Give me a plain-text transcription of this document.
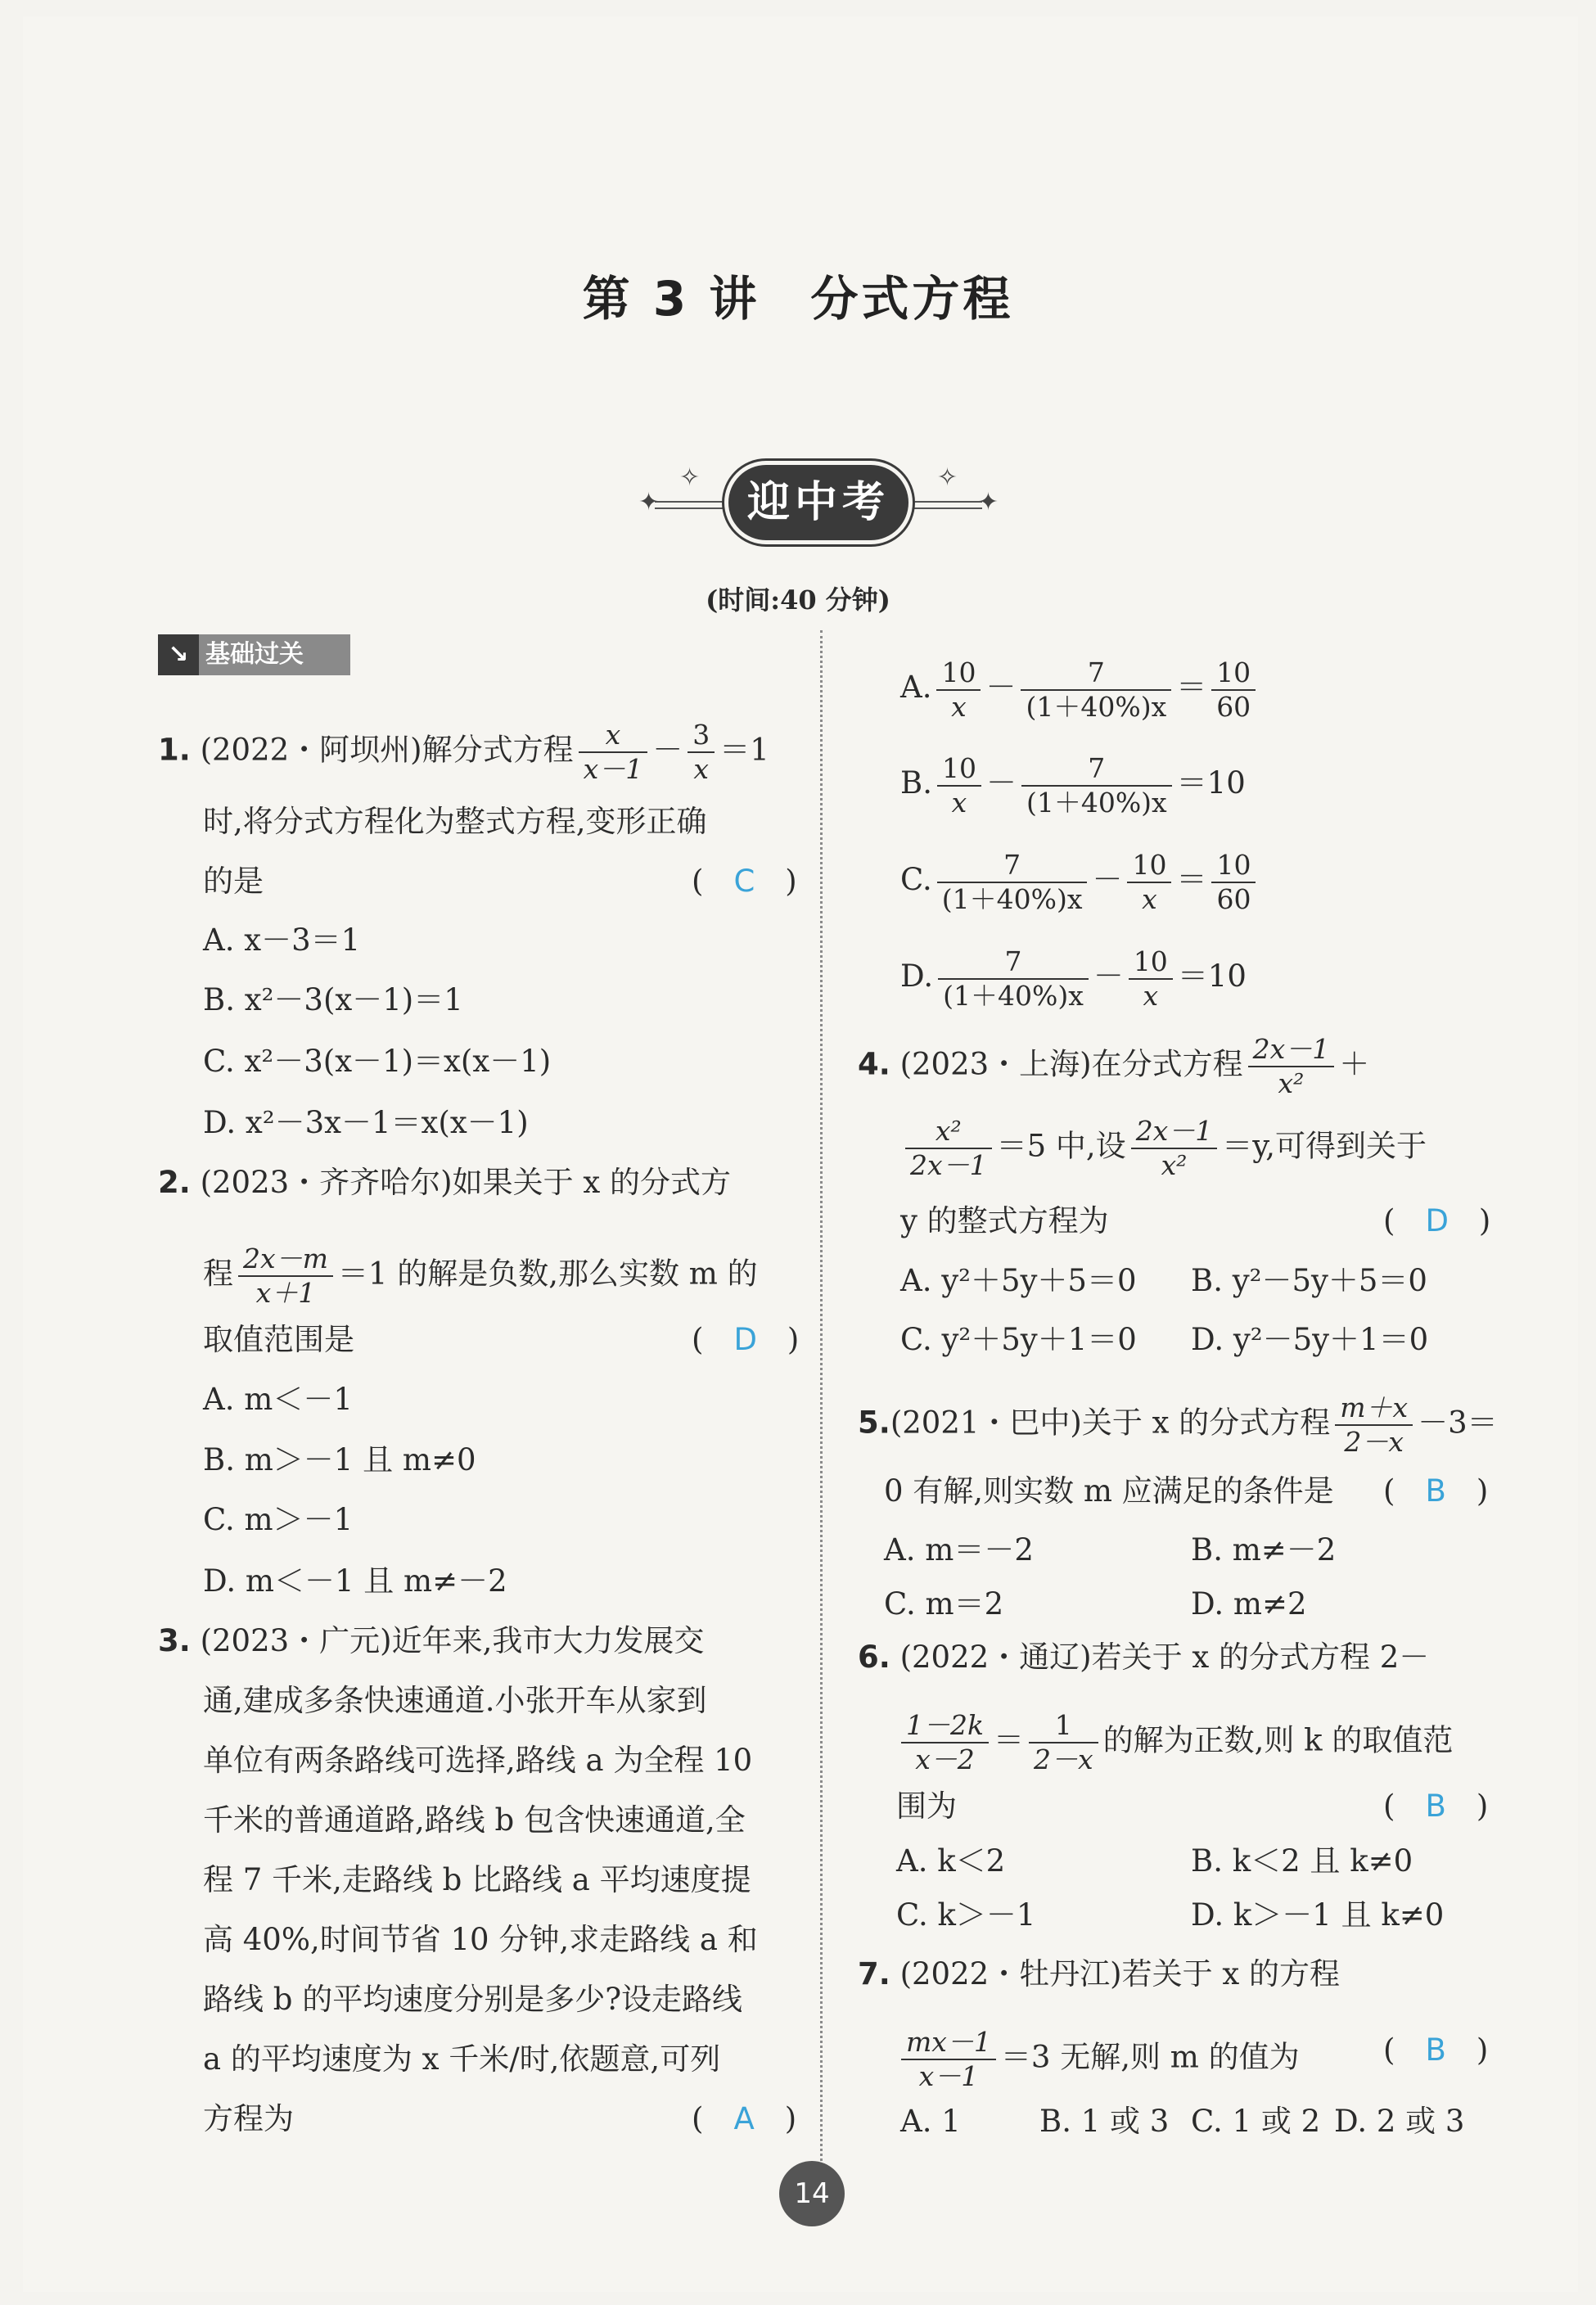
第 3 讲　分式方程
✦
✧
✦
✧
迎中考
(时间:40 分钟)
↘ 基础过关
1. (2022・阿坝州)解分式方程 $\frac{x}{x-1} - \frac{3}{x} =1$
时,将分式方程化为整式方程,变形正确
的是	(　C　)
A. x－3＝1
B. x²－3(x－1)＝1
C. x²－3(x－1)＝x(x－1)
D. x²－3x－1＝x(x－1)
2. (2023・齐齐哈尔)如果关于 x 的分式方
程 $\frac{2x-m}{x+1} =1$ 的解是负数,那么实数 m 的
取值范围是	(　D　)
A. m＜－1
B. m＞－1 且 m≠0
C. m＞－1
D. m＜－1 且 m≠－2
3. (2023・广元)近年来,我市大力发展交
通,建成多条快速通道.小张开车从家到
单位有两条路线可选择,路线 a 为全程 10
千米的普通道路,路线 b 包含快速通道,全
程 7 千米,走路线 b 比路线 a 平均速度提
高 40%,时间节省 10 分钟,求走路线 a 和
路线 b 的平均速度分别是多少?设走路线
a 的平均速度为 x 千米/时,依题意,可列
方程为	(　A　)
A. $\frac{10}{x} - \frac{7}{(1+40\%)x} = \frac{10}{60}$
B. $\frac{10}{x} - \frac{7}{(1+40\%)x} =10$
C. $\frac{7}{(1+40\%)x} - \frac{10}{x} = \frac{10}{60}$
D. $\frac{7}{(1+40\%)x} - \frac{10}{x} =10$
4. (2023・上海)在分式方程 $\frac{2x-1}{\text{x²}}$ ＋
$\frac{\text{x²}}{2x-1} =5$ 中,设 $\frac{2x-1}{\text{x²}} =y$,可得到关于
y 的整式方程为	(　D　)
A. y²＋5y＋5＝0 B. y²－5y＋5＝0
C. y²＋5y＋1＝0 D. y²－5y＋1＝0
5.(2021・巴中)关于 x 的分式方程 $\frac{m+x}{2-x} -3=$
0 有解,则实数 m 应满足的条件是 (　B　)
A. m＝－2	B. m≠－2
C. m＝2	D. m≠2
6. (2022・通辽)若关于 x 的分式方程 2－
$\frac{1-2k}{x-2} = \frac{1}{2-x}$ 的解为正数,则 k 的取值范
围为	(　B　)
A. k＜2	B. k＜2 且 k≠0
C. k＞－1	D. k＞－1 且 k≠0
7. (2022・牡丹江)若关于 x 的方程
$\frac{mx-1}{x-1} =3$ 无解,则 m 的值为	(　B　)
A. 1	B. 1 或 3 C. 1 或 2 D. 2 或 3
14
